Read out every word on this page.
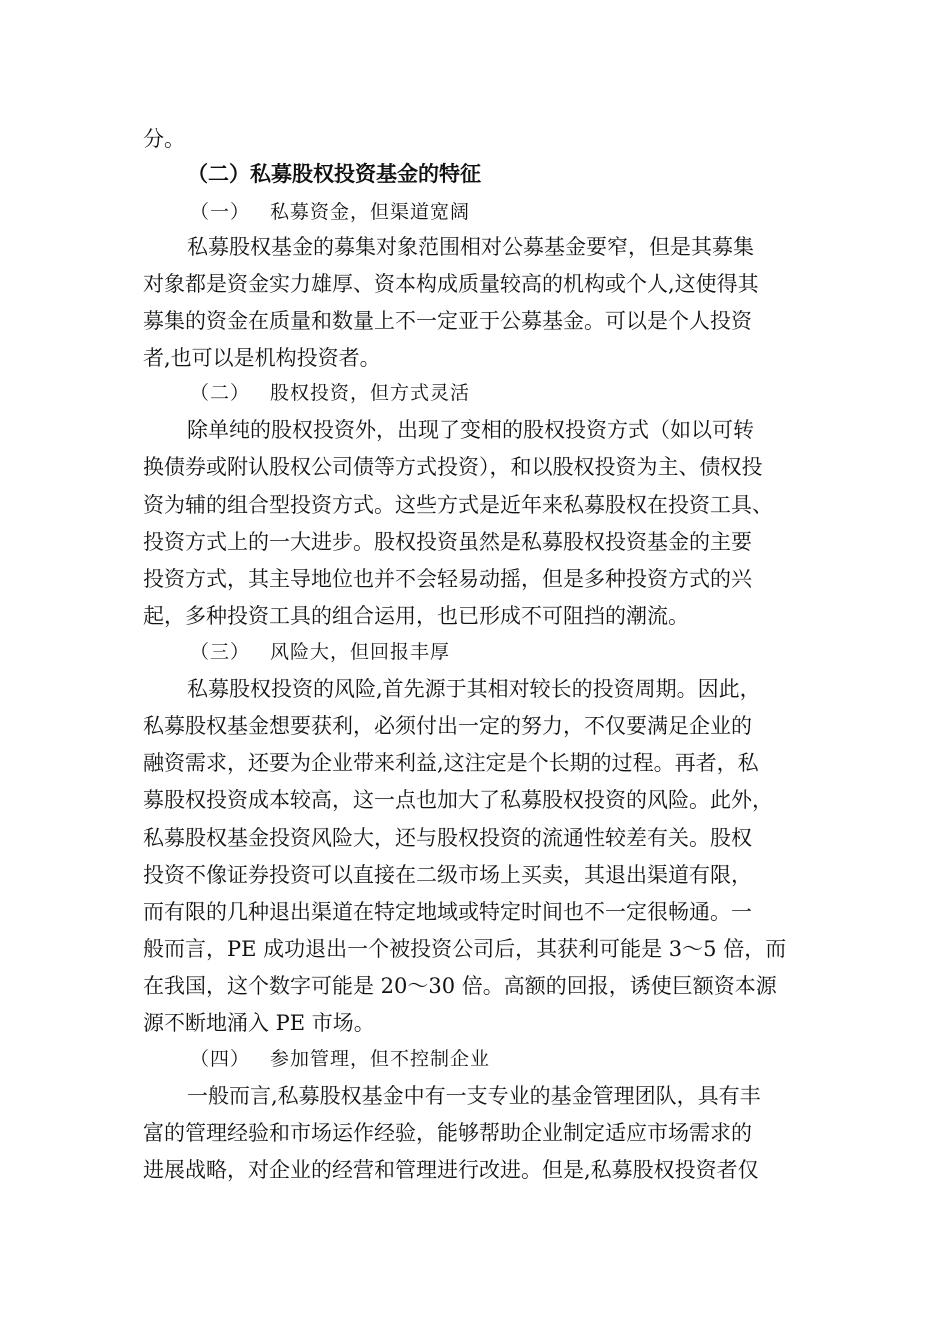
分。
（二）私募股权投资基金的特征
（一） 私募资金，但渠道宽阔
私募股权基金的募集对象范围相对公募基金要窄，但是其募集
对象都是资金实力雄厚、资本构成质量较高的机构或个人,这使得其
募集的资金在质量和数量上不一定亚于公募基金。可以是个人投资
者,也可以是机构投资者。
（二） 股权投资，但方式灵活
除单纯的股权投资外，出现了变相的股权投资方式（如以可转
换债券或附认股权公司债等方式投资），和以股权投资为主、债权投
资为辅的组合型投资方式。这些方式是近年来私募股权在投资工具、
投资方式上的一大进步。股权投资虽然是私募股权投资基金的主要
投资方式，其主导地位也并不会轻易动摇，但是多种投资方式的兴
起，多种投资工具的组合运用，也已形成不可阻挡的潮流。
（三） 风险大，但回报丰厚
私募股权投资的风险,首先源于其相对较长的投资周期。因此，
私募股权基金想要获利，必须付出一定的努力，不仅要满足企业的
融资需求，还要为企业带来利益,这注定是个长期的过程。再者，私
募股权投资成本较高，这一点也加大了私募股权投资的风险。此外，
私募股权基金投资风险大，还与股权投资的流通性较差有关。股权
投资不像证券投资可以直接在二级市场上买卖，其退出渠道有限，
而有限的几种退出渠道在特定地域或特定时间也不一定很畅通。一
般而言，PE 成功退出一个被投资公司后，其获利可能是 3～5 倍，而
在我国，这个数字可能是 20～30 倍。高额的回报，诱使巨额资本源
源不断地涌入 PE 市场。
（四） 参加管理，但不控制企业
一般而言,私募股权基金中有一支专业的基金管理团队，具有丰
富的管理经验和市场运作经验，能够帮助企业制定适应市场需求的
进展战略，对企业的经营和管理进行改进。但是,私募股权投资者仅
